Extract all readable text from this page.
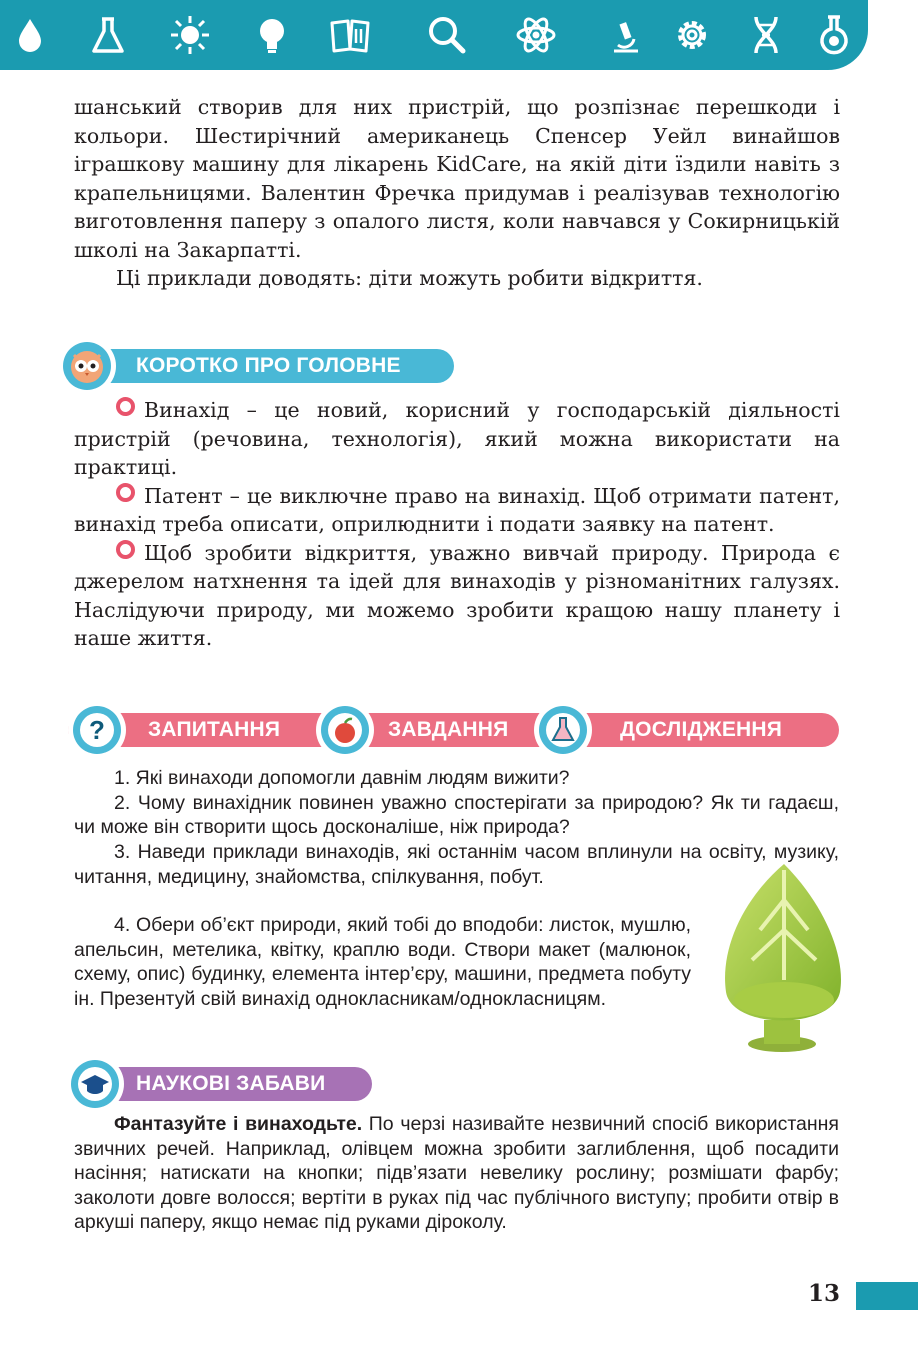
шанський створив для них пристрій, що розпізнає перешкоди і кольори. Шестирічний американець Спенсер Уейл винайшов іграшкову машину для лікарень KidCare, на якій діти їздили навіть з крапельницями. Валентин Фречка придумав і реалізував технологію виготовлення паперу з опалого листя, коли навчався у Сокирницькій школі на Закарпатті.

Ці приклади доводять: діти можуть робити відкриття.

КОРОТКО ПРО ГОЛОВНЕ

Винахід – це новий, корисний у господарській діяльності пристрій (речовина, технологія), який можна використати на практиці.

Патент – це виключне право на винахід. Щоб отримати патент, винахід треба описати, оприлюднити і подати заявку на патент.

Щоб зробити відкриття, уважно вивчай природу. Природа є джерелом натхнення та ідей для винаходів у різноманітних галузях. Наслідуючи природу, ми можемо зробити кращою нашу планету і наше життя.

? ЗАПИТАННЯ	ЗАВДАННЯ	ДОСЛІДЖЕННЯ

1. Які винаходи допомогли давнім людям вижити?

2. Чому винахідник повинен уважно спостерігати за природою? Як ти гадаєш, чи може він створити щось досконаліше, ніж природа?

3. Наведи приклади винаходів, які останнім часом вплинули на освіту, музику, читання, медицину, знайомства, спілкування, побут.

4. Обери об’єкт природи, який тобі до вподоби: листок, мушлю, апельсин, метелика, квітку, краплю води. Створи макет (малюнок, схему, опис) будинку, елемента інтер’єру, машини, предмета побуту ін. Презентуй свій винахід однокласникам/однокласницям.

НАУКОВІ ЗАБАВИ

Фантазуйте і винаходьте. По черзі називайте незвичний спосіб використання звичних речей. Наприклад, олівцем можна зробити заглиблення, щоб посадити насіння; натискати на кнопки; підв’язати невелику рослину; розмішати фарбу; заколоти довге волосся; вертіти в руках під час публічного виступу; пробити отвір в аркуші паперу, якщо немає під руками діроколу.

13
